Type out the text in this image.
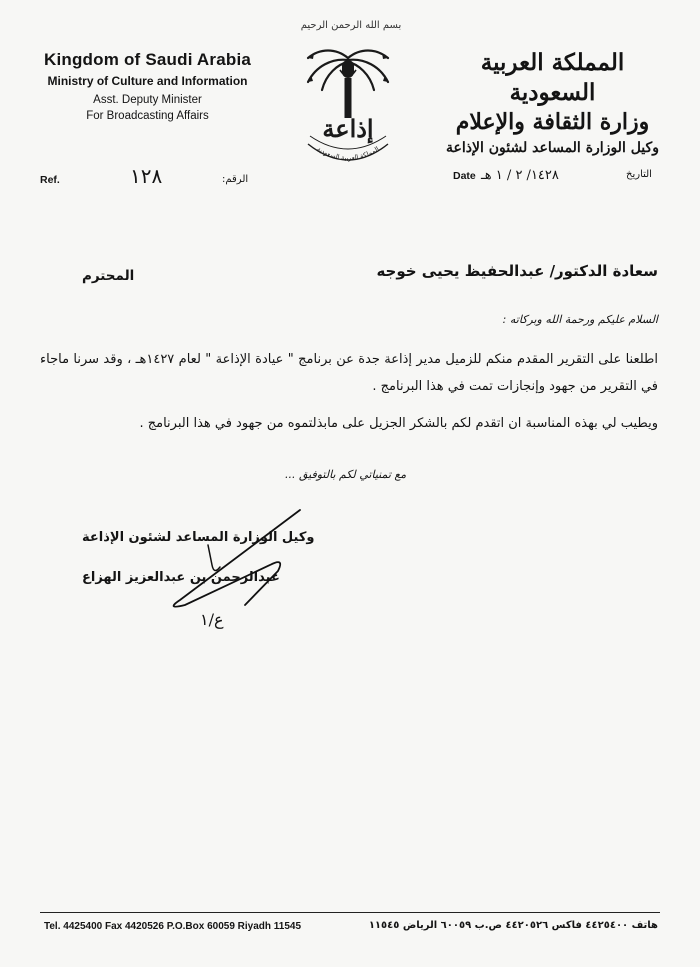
بسم الله الرحمن الرحيم
Kingdom of Saudi Arabia
Ministry of Culture and Information
Asst. Deputy Minister
For Broadcasting Affairs	إذاعة
المملكة العربية السعودية
المملكة العربية السعودية
وزارة الثقافة والإعلام
وكيل الوزارة المساعد لشئون الإذاعة
Ref.	١٢٨	الرقم:	Date ١٤٢٨/ ٢ / ١ هـ	التاريخ
سعادة الدكتور/ عبدالحفيظ يحيى خوجه
المحترم
السلام عليكم ورحمة الله وبركاته :
اطلعنا على التقرير المقدم منكم للزميل مدير إذاعة جدة عن برنامج " عيادة الإذاعة " لعام ١٤٢٧هـ ، وقد سرنا ماجاء في التقرير من جهود وإنجازات تمت في هذا البرنامج .
ويطيب لي بهذه المناسبة ان اتقدم لكم بالشكر الجزيل على مابذلتموه من جهود في هذا البرنامج .
مع تمنياتي لكم بالتوفيق ...
وكيل الوزارة المساعد لشئون الإذاعة
عبدالرحمن بن عبدالعزيز الهزاع
ع/١
Tel. 4425400 Fax 4420526 P.O.Box 60059 Riyadh 11545	هاتف ٤٤٢٥٤٠٠ فاكس ٤٤٢٠٥٢٦ ص.ب ٦٠٠٥٩ الرياض ١١٥٤٥
